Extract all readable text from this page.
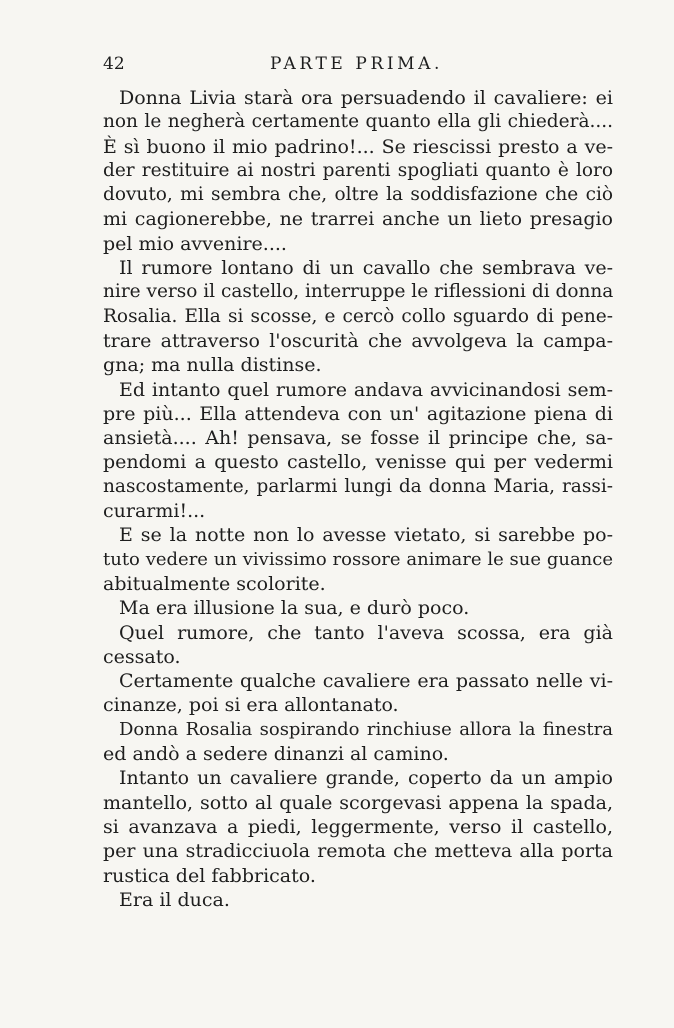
42	PARTE PRIMA.
Donna Livia starà ora persuadendo il cavaliere: ei
non le negherà certamente quanto ella gli chiederà....
È sì buono il mio padrino!... Se riescissi presto a ve-
der restituire ai nostri parenti spogliati quanto è loro
dovuto, mi sembra che, oltre la soddisfazione che ciò
mi cagionerebbe, ne trarrei anche un lieto presagio
pel mio avvenire....
Il rumore lontano di un cavallo che sembrava ve-
nire verso il castello, interruppe le riflessioni di donna
Rosalia. Ella si scosse, e cercò collo sguardo di pene-
trare attraverso l'oscurità che avvolgeva la campa-
gna; ma nulla distinse.
Ed intanto quel rumore andava avvicinandosi sem-
pre più... Ella attendeva con un' agitazione piena di
ansietà.... Ah! pensava, se fosse il principe che, sa-
pendomi a questo castello, venisse qui per vedermi
nascostamente, parlarmi lungi da donna Maria, rassi-
curarmi!...
E se la notte non lo avesse vietato, si sarebbe po-
tuto vedere un vivissimo rossore animare le sue guance
abitualmente scolorite.
Ma era illusione la sua, e durò poco.
Quel rumore, che tanto l'aveva scossa, era già
cessato.
Certamente qualche cavaliere era passato nelle vi-
cinanze, poi si era allontanato.
Donna Rosalia sospirando rinchiuse allora la finestra
ed andò a sedere dinanzi al camino.
Intanto un cavaliere grande, coperto da un ampio
mantello, sotto al quale scorgevasi appena la spada,
si avanzava a piedi, leggermente, verso il castello,
per una stradicciuola remota che metteva alla porta
rustica del fabbricato.
Era il duca.
